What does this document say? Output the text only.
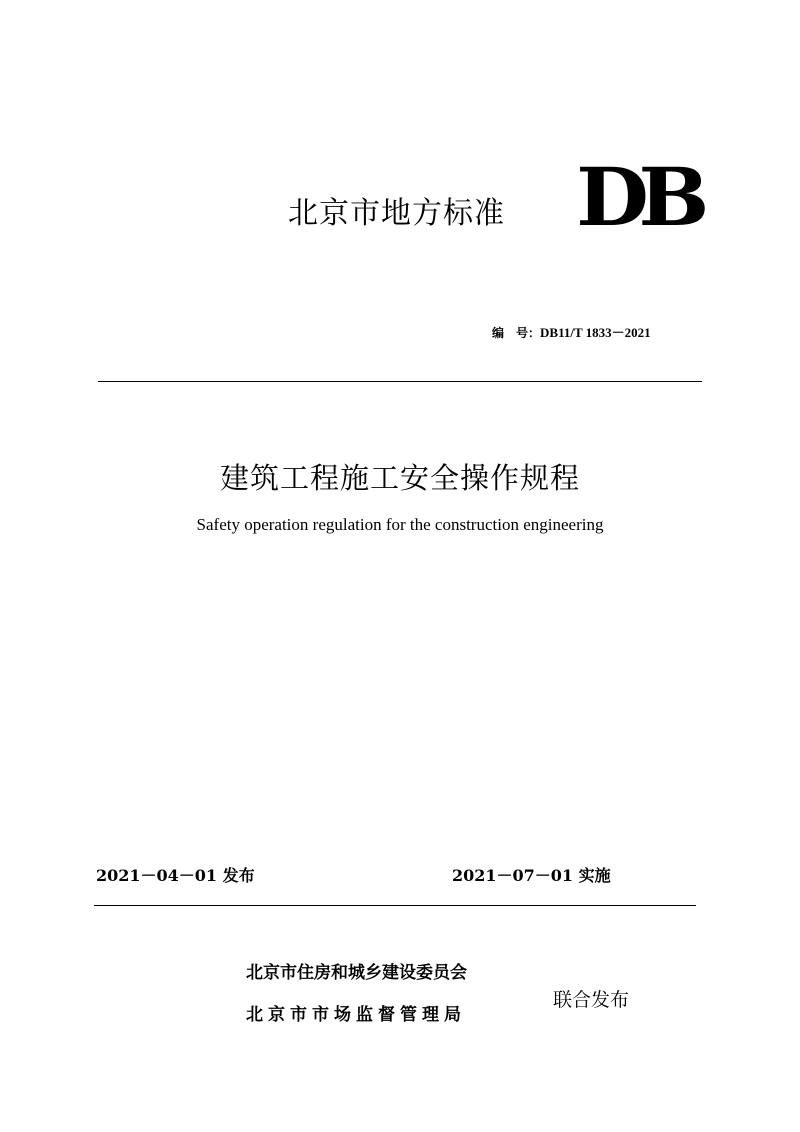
北京市地方标准 DB
编　号：DB11/T 1833－2021
建筑工程施工安全操作规程
Safety operation regulation for the construction engineering
2021－04－01 发布	2021－07－01 实施
北京市住房和城乡建设委员会
北京市市场监督管理局
联合发布
